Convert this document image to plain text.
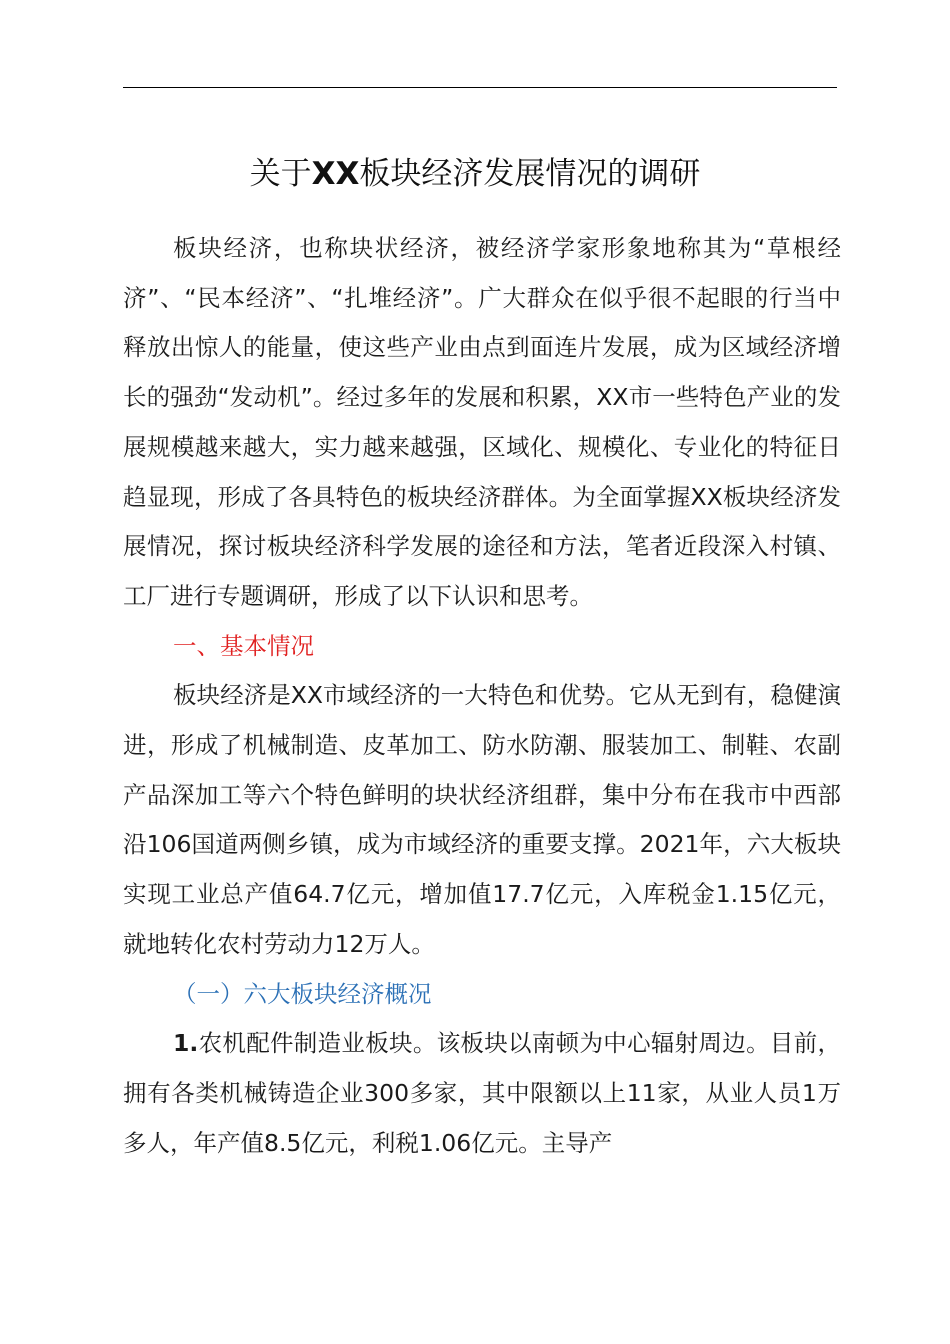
关于XX板块经济发展情况的调研

板块经济，也称块状经济，被经济学家形象地称其为“草根经济”、“民本经济”、“扎堆经济”。广大群众在似乎很不起眼的行当中释放出惊人的能量，使这些产业由点到面连片发展，成为区域经济增长的强劲“发动机”。经过多年的发展和积累，XX市一些特色产业的发展规模越来越大，实力越来越强，区域化、规模化、专业化的特征日趋显现，形成了各具特色的板块经济群体。为全面掌握XX板块经济发展情况，探讨板块经济科学发展的途径和方法，笔者近段深入村镇、工厂进行专题调研，形成了以下认识和思考。

一、基本情况

板块经济是XX市域经济的一大特色和优势。它从无到有，稳健演进，形成了机械制造、皮革加工、防水防潮、服装加工、制鞋、农副产品深加工等六个特色鲜明的块状经济组群，集中分布在我市中西部沿106国道两侧乡镇，成为市域经济的重要支撑。2021年，六大板块实现工业总产值64.7亿元，增加值17.7亿元，入库税金1.15亿元，就地转化农村劳动力12万人。

（一）六大板块经济概况

1.农机配件制造业板块。该板块以南顿为中心辐射周边。目前，拥有各类机械铸造企业300多家，其中限额以上11家，从业人员1万多人，年产值8.5亿元，利税1.06亿元。主导产
